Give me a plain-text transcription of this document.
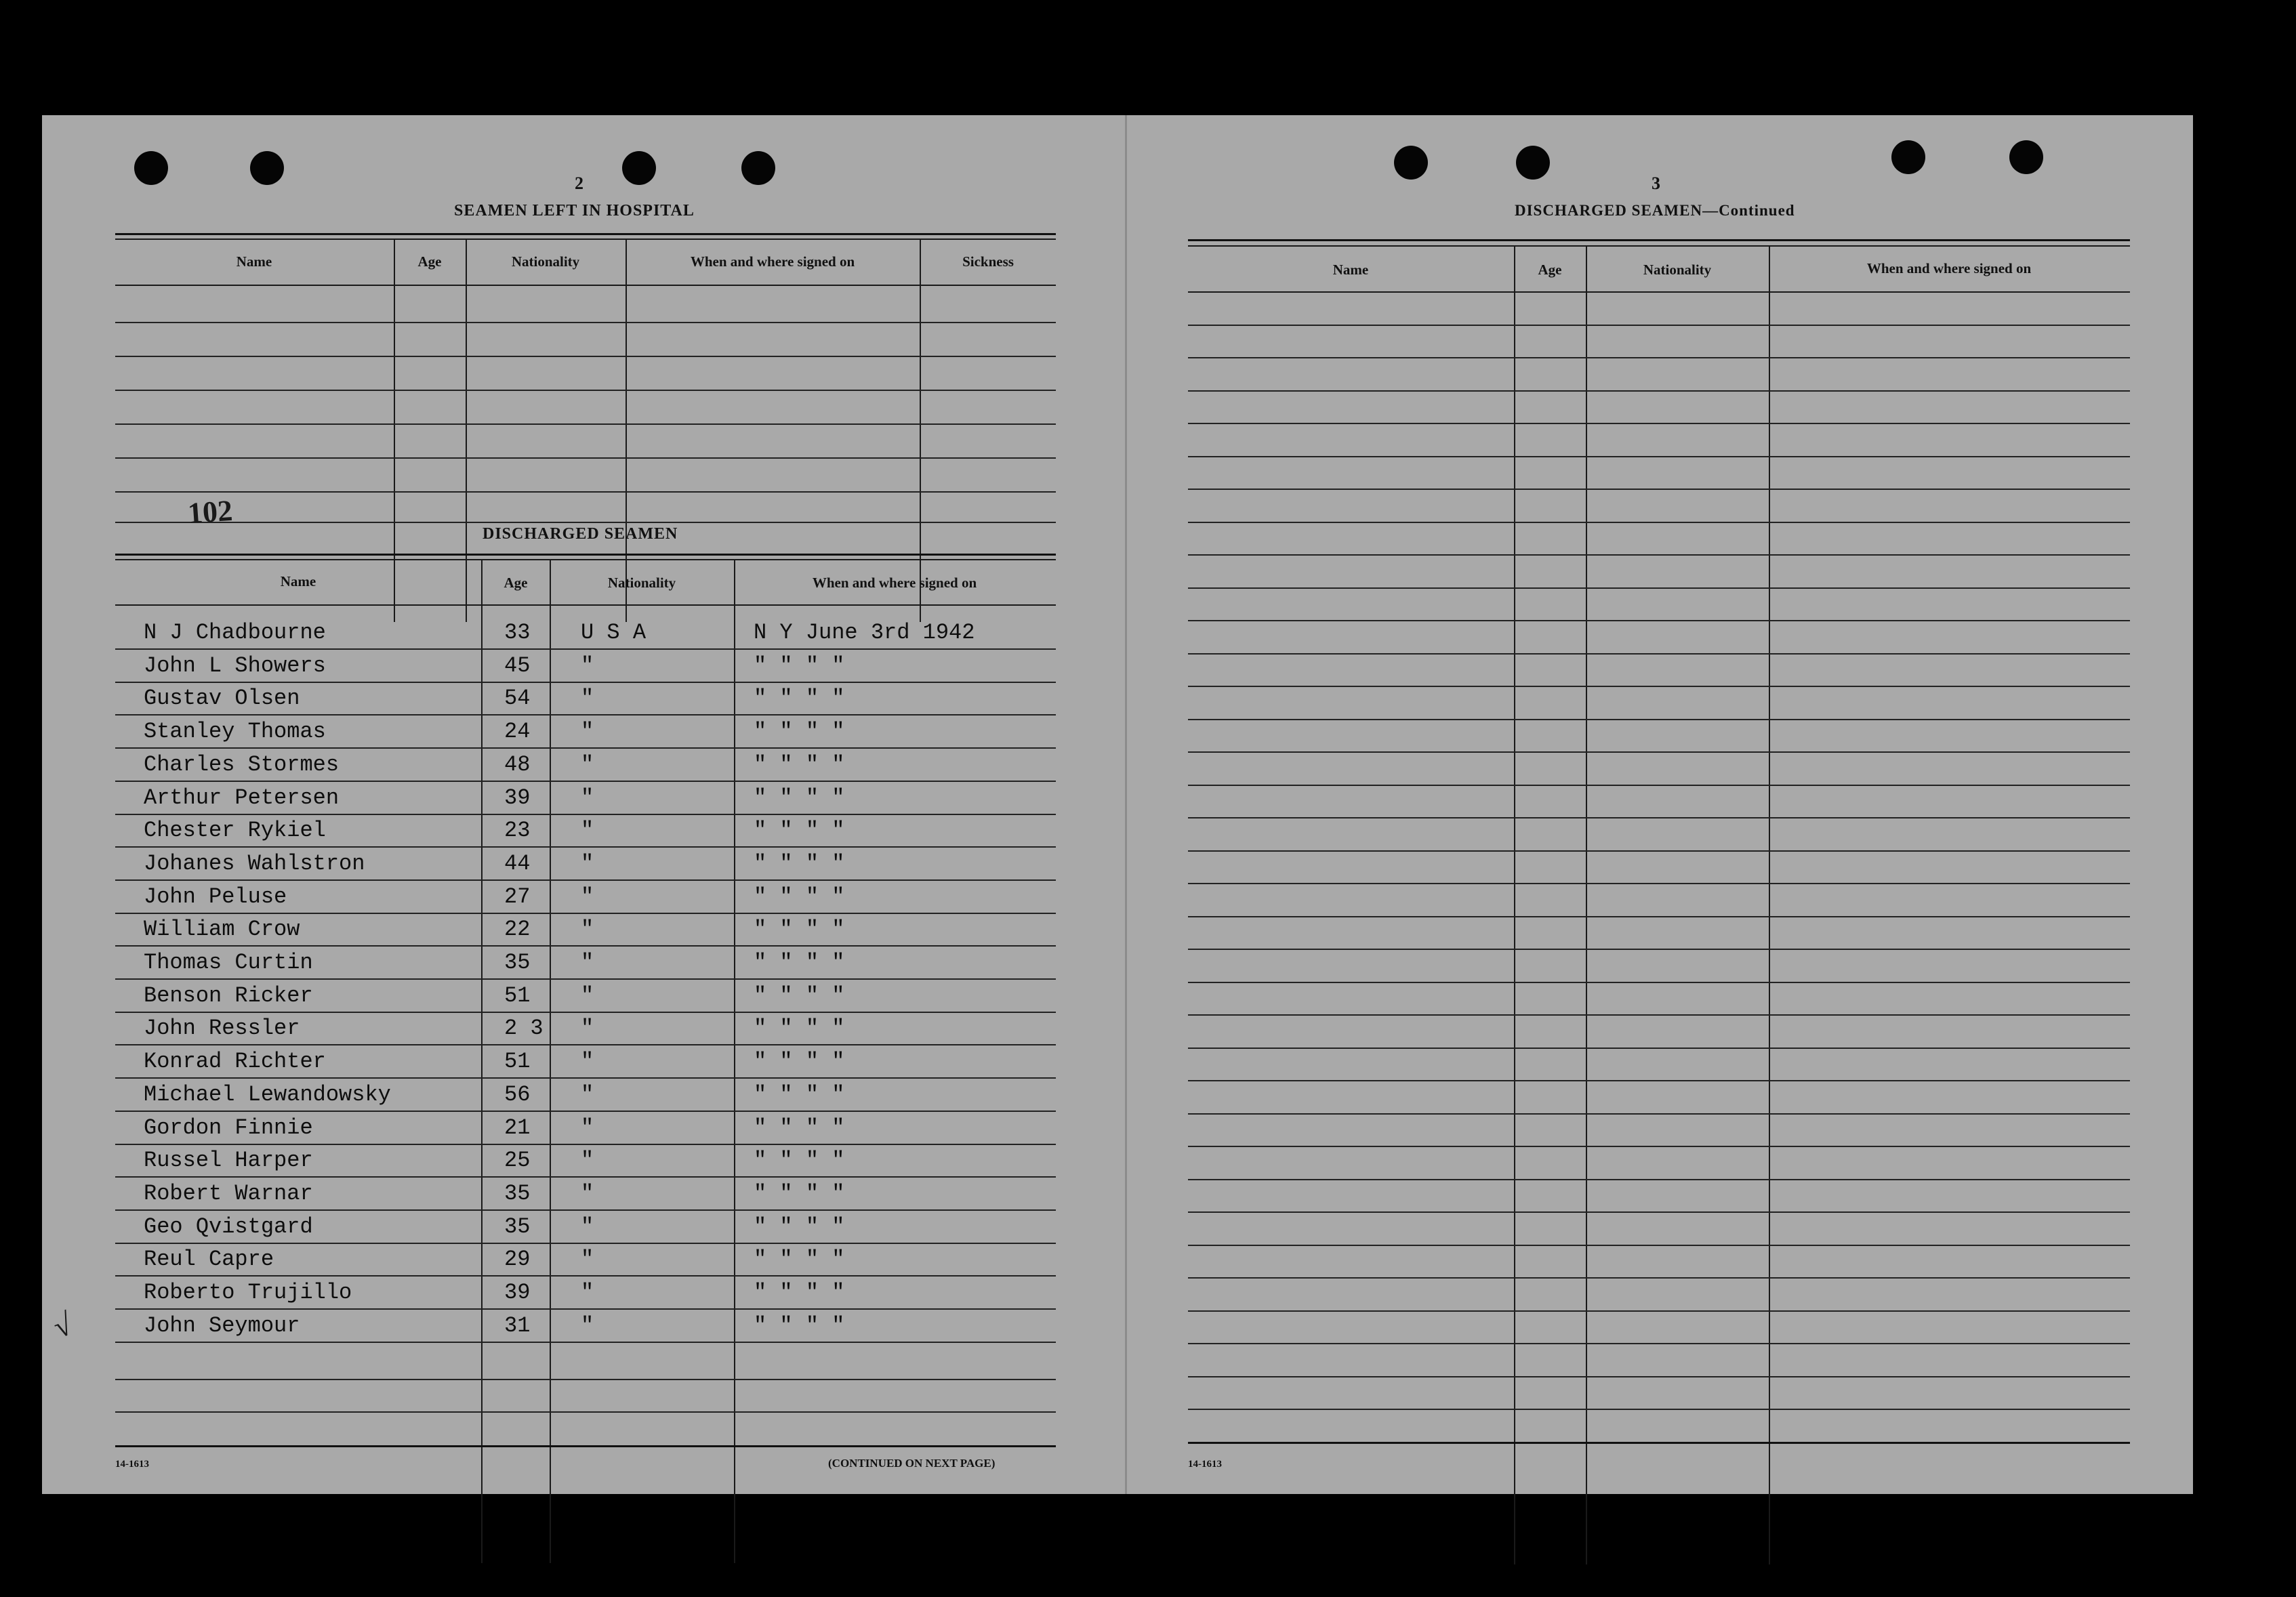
2
SEAMEN LEFT IN HOSPITAL
Name	Age	Nationality	When and where signed on	Sickness
102
DISCHARGED SEAMEN
Name	Age	Nationality	When and where signed on
N J Chadbourne	33 U S A	N Y June 3rd 1942
John L Showers	45 "	" " " "
Gustav Olsen	54 "	" " " "
Stanley Thomas	24 "	" " " "
Charles Stormes	48 "	" " " "
Arthur Petersen	39 "	" " " "
Chester Rykiel	23 "	" " " "
Johanes Wahlstron	44 "	" " " "
John Peluse	27 "	" " " "
William Crow	22 "	" " " "
Thomas Curtin	35 "	" " " "
Benson Ricker	51 "	" " " "
John Ressler	2 3 "	" " " "
Konrad Richter	51 "	" " " "
Michael Lewandowsky	56 "	" " " "
Gordon Finnie	21 "	" " " "
Russel Harper	25 "	" " " "
Robert Warnar	35 "	" " " "
Geo Qvistgard	35 "	" " " "
Reul Capre	29 "	" " " "
Roberto Trujillo	39 "	" " " "
John Seymour	31 "	" " " "
√
14-1613	(CONTINUED ON NEXT PAGE)
3
DISCHARGED SEAMEN—Continued
Name	Age	Nationality	When and where signed on
14-1613
